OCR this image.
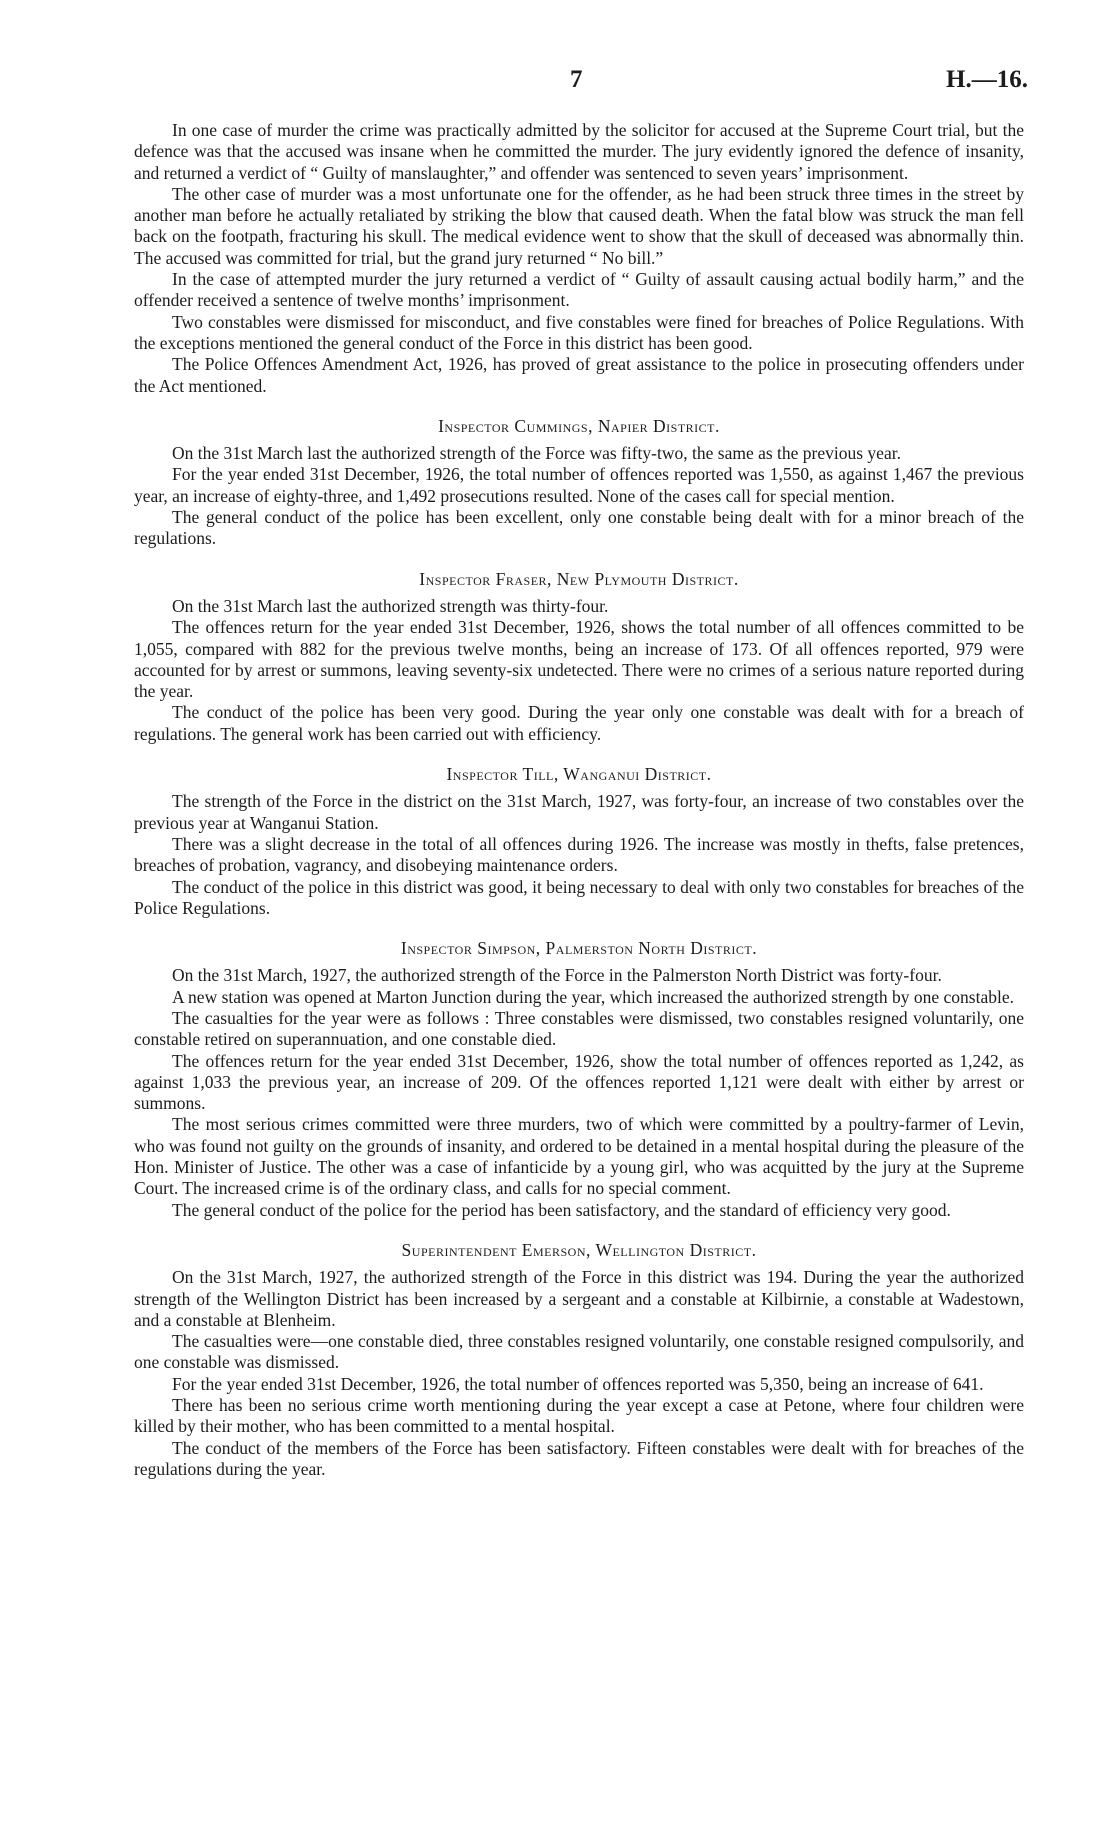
7	H.—16.

In one case of murder the crime was practically admitted by the solicitor for accused at the Supreme Court trial, but the defence was that the accused was insane when he committed the murder. The jury evidently ignored the defence of insanity, and returned a verdict of “ Guilty of manslaughter,” and offender was sentenced to seven years’ imprisonment.

The other case of murder was a most unfortunate one for the offender, as he had been struck three times in the street by another man before he actually retaliated by striking the blow that caused death. When the fatal blow was struck the man fell back on the footpath, fracturing his skull. The medical evidence went to show that the skull of deceased was abnormally thin. The accused was committed for trial, but the grand jury returned “ No bill.”

In the case of attempted murder the jury returned a verdict of “ Guilty of assault causing actual bodily harm,” and the offender received a sentence of twelve months’ imprisonment.

Two constables were dismissed for misconduct, and five constables were fined for breaches of Police Regulations. With the exceptions mentioned the general conduct of the Force in this district has been good.

The Police Offences Amendment Act, 1926, has proved of great assistance to the police in prosecuting offenders under the Act mentioned.

Inspector Cummings, Napier District.

On the 31st March last the authorized strength of the Force was fifty-two, the same as the previous year.

For the year ended 31st December, 1926, the total number of offences reported was 1,550, as against 1,467 the previous year, an increase of eighty-three, and 1,492 prosecutions resulted. None of the cases call for special mention.

The general conduct of the police has been excellent, only one constable being dealt with for a minor breach of the regulations.

Inspector Fraser, New Plymouth District.

On the 31st March last the authorized strength was thirty-four.

The offences return for the year ended 31st December, 1926, shows the total number of all offences committed to be 1,055, compared with 882 for the previous twelve months, being an increase of 173. Of all offences reported, 979 were accounted for by arrest or summons, leaving seventy-six undetected. There were no crimes of a serious nature reported during the year.

The conduct of the police has been very good. During the year only one constable was dealt with for a breach of regulations. The general work has been carried out with efficiency.

Inspector Till, Wanganui District.

The strength of the Force in the district on the 31st March, 1927, was forty-four, an increase of two constables over the previous year at Wanganui Station.

There was a slight decrease in the total of all offences during 1926. The increase was mostly in thefts, false pretences, breaches of probation, vagrancy, and disobeying maintenance orders.

The conduct of the police in this district was good, it being necessary to deal with only two constables for breaches of the Police Regulations.

Inspector Simpson, Palmerston North District.

On the 31st March, 1927, the authorized strength of the Force in the Palmerston North District was forty-four.

A new station was opened at Marton Junction during the year, which increased the authorized strength by one constable.

The casualties for the year were as follows : Three constables were dismissed, two constables resigned voluntarily, one constable retired on superannuation, and one constable died.

The offences return for the year ended 31st December, 1926, show the total number of offences reported as 1,242, as against 1,033 the previous year, an increase of 209. Of the offences reported 1,121 were dealt with either by arrest or summons.

The most serious crimes committed were three murders, two of which were committed by a poultry-farmer of Levin, who was found not guilty on the grounds of insanity, and ordered to be detained in a mental hospital during the pleasure of the Hon. Minister of Justice. The other was a case of infanticide by a young girl, who was acquitted by the jury at the Supreme Court. The increased crime is of the ordinary class, and calls for no special comment.

The general conduct of the police for the period has been satisfactory, and the standard of efficiency very good.

Superintendent Emerson, Wellington District.

On the 31st March, 1927, the authorized strength of the Force in this district was 194. During the year the authorized strength of the Wellington District has been increased by a sergeant and a constable at Kilbirnie, a constable at Wadestown, and a constable at Blenheim.

The casualties were—one constable died, three constables resigned voluntarily, one constable resigned compulsorily, and one constable was dismissed.

For the year ended 31st December, 1926, the total number of offences reported was 5,350, being an increase of 641.

There has been no serious crime worth mentioning during the year except a case at Petone, where four children were killed by their mother, who has been committed to a mental hospital.

The conduct of the members of the Force has been satisfactory. Fifteen constables were dealt with for breaches of the regulations during the year.
